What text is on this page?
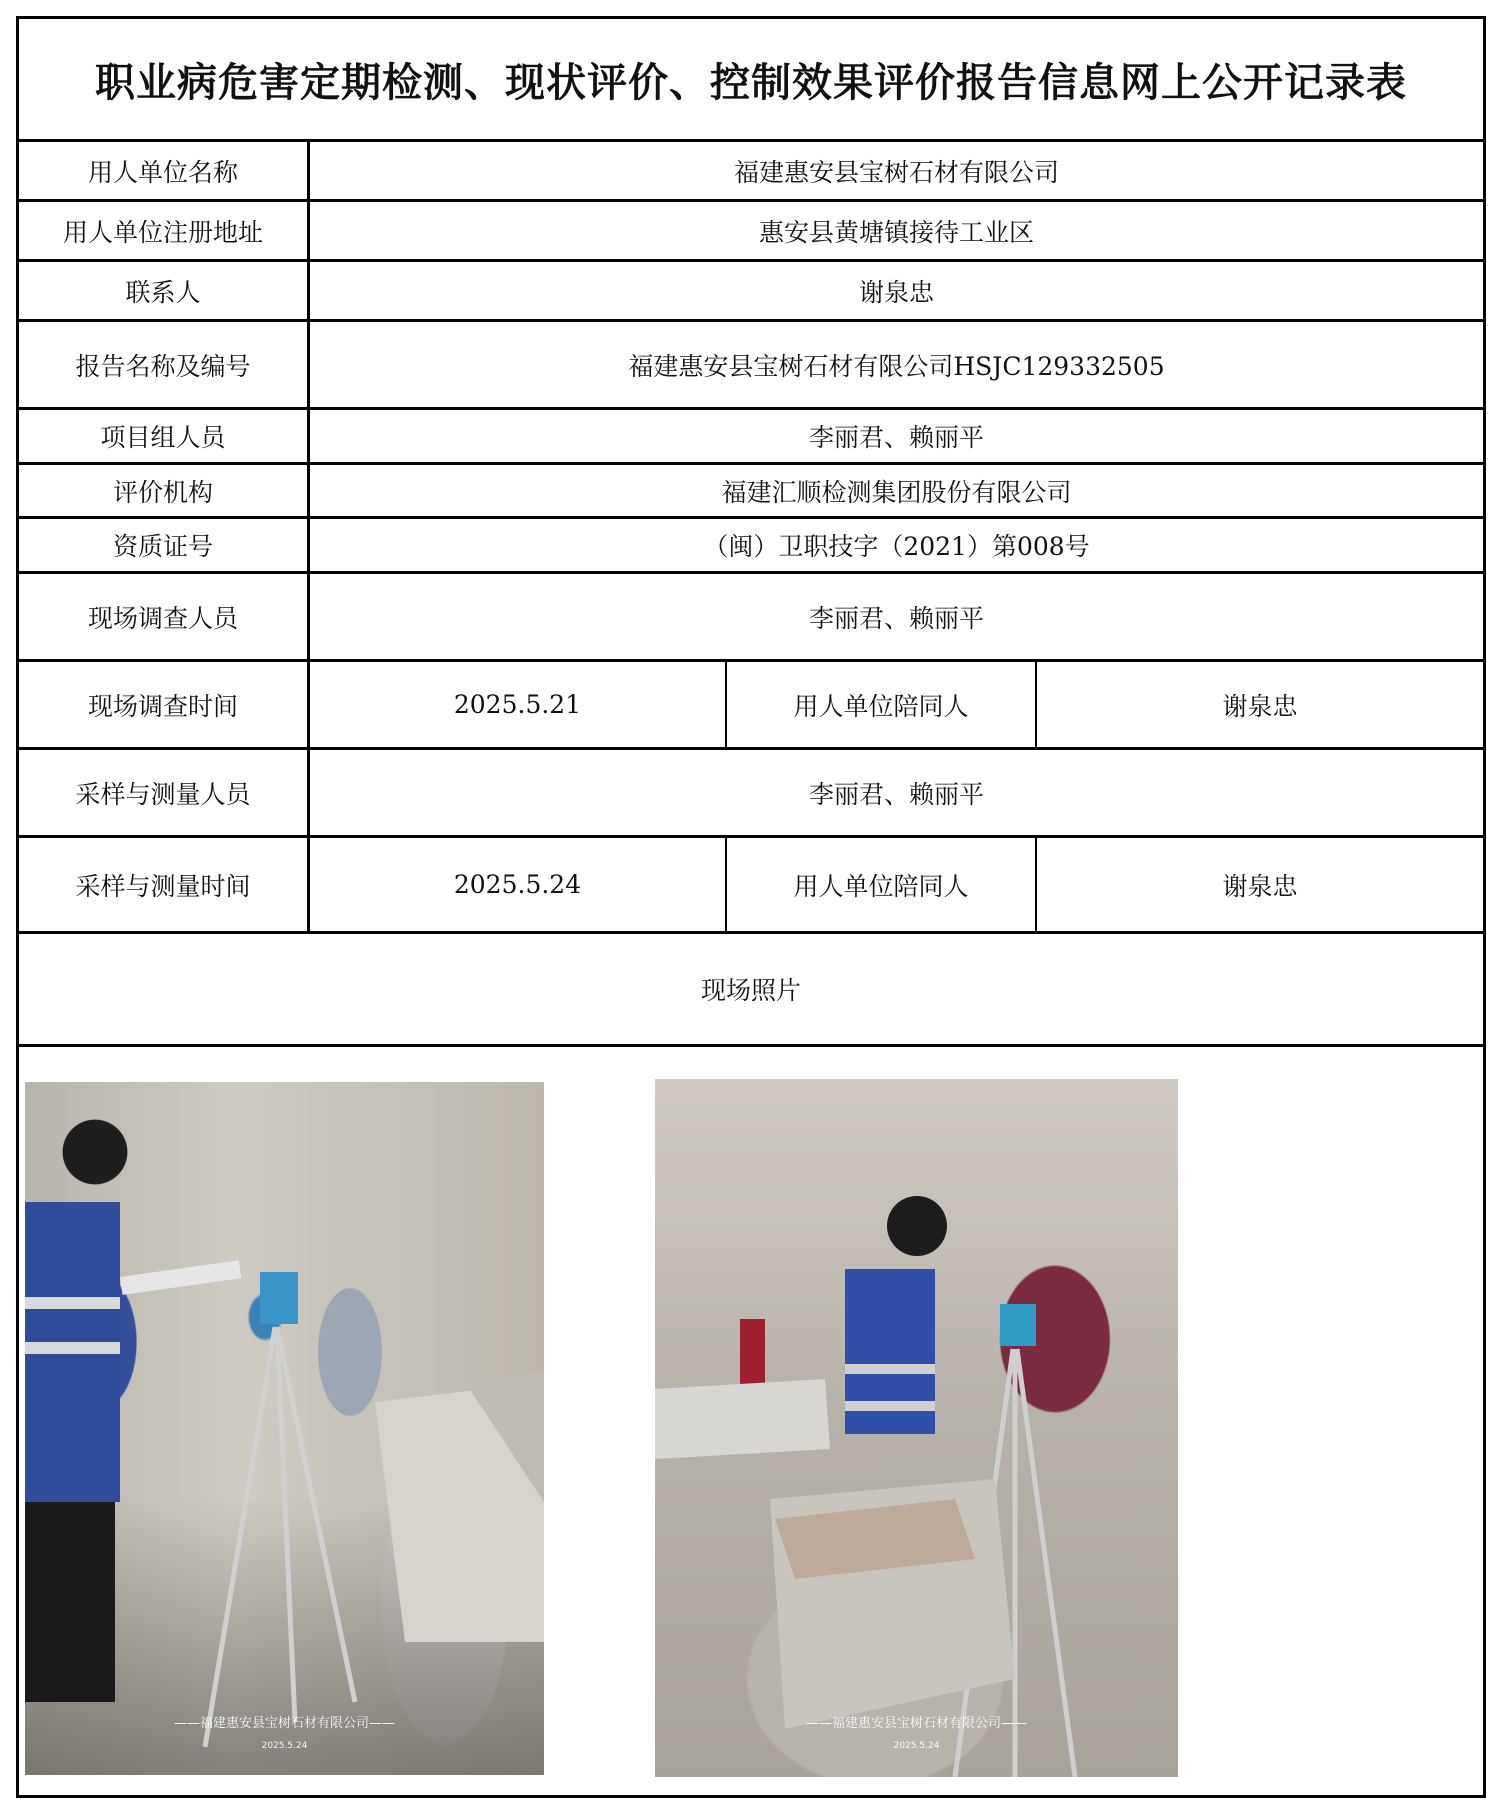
职业病危害定期检测、现状评价、控制效果评价报告信息网上公开记录表
用人单位名称	福建惠安县宝树石材有限公司
用人单位注册地址	惠安县黄塘镇接待工业区
联系人	谢泉忠
报告名称及编号	福建惠安县宝树石材有限公司HSJC129332505
项目组人员	李丽君、赖丽平
评价机构	福建汇顺检测集团股份有限公司
资质证号	（闽）卫职技字（2021）第008号
现场调查人员	李丽君、赖丽平
现场调查时间	2025.5.21	用人单位陪同人	谢泉忠
采样与测量人员	李丽君、赖丽平
采样与测量时间	2025.5.24	用人单位陪同人	谢泉忠
现场照片
——福建惠安县宝树石材有限公司——
2025.5.24
——福建惠安县宝树石材有限公司——
2025.5.24
